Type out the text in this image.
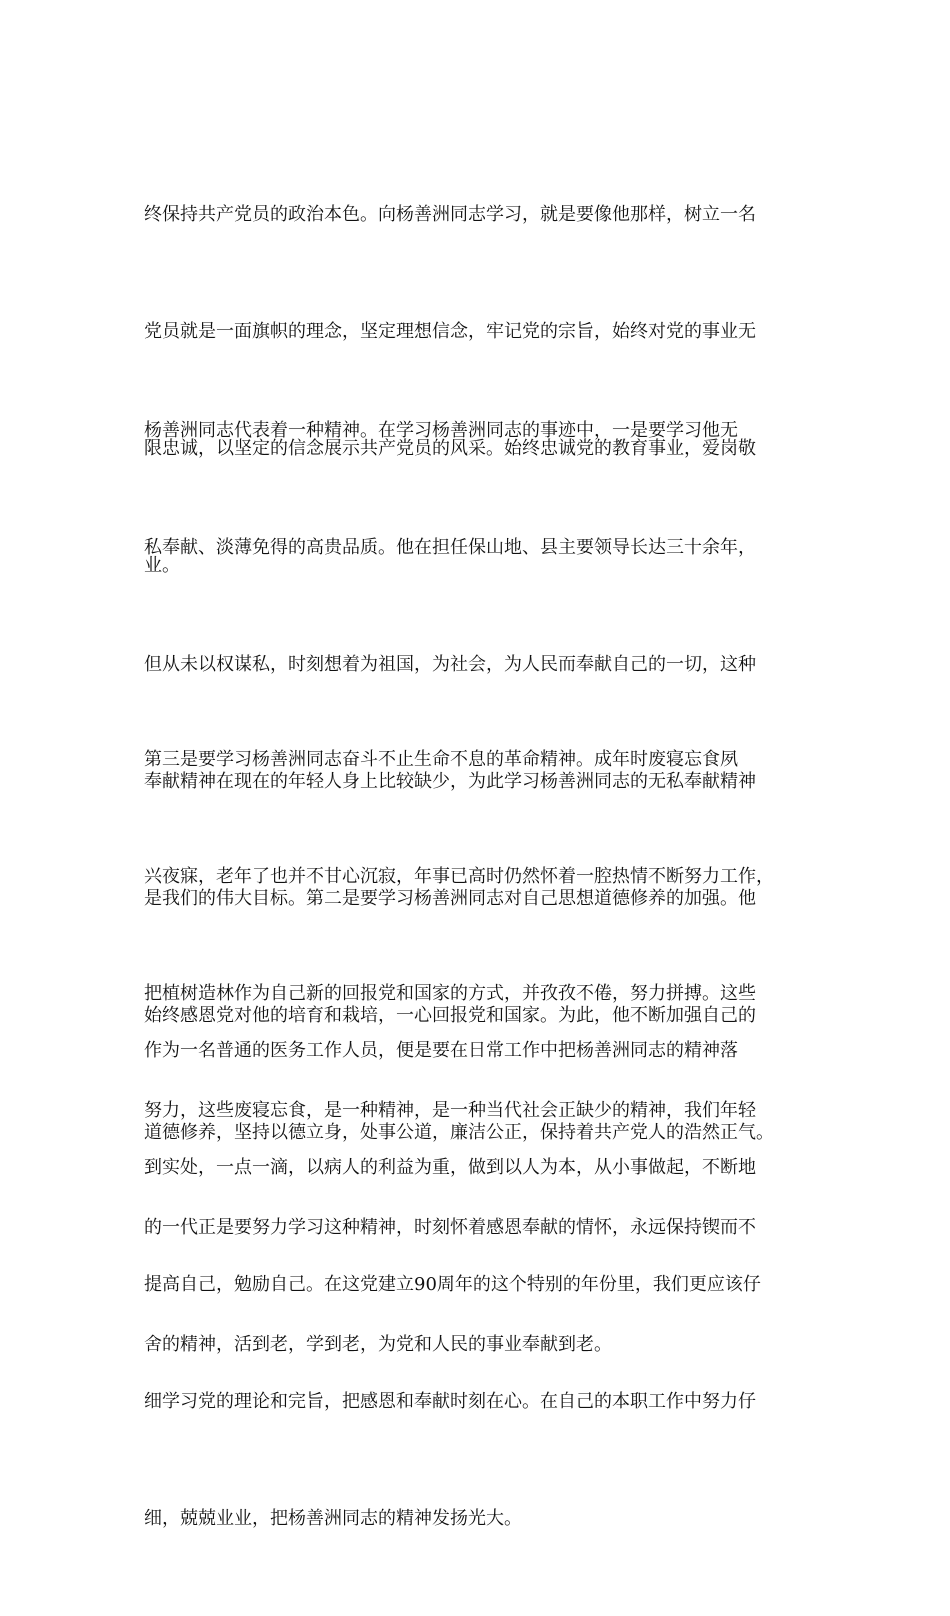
终保持共产党员的政治本色。向杨善洲同志学习，就是要像他那样，树立一名

党员就是一面旗帜的理念，坚定理想信念，牢记党的宗旨，始终对党的事业无

限忠诚，以坚定的信念展示共产党员的风采。始终忠诚党的教育事业，爱岗敬

业。

杨善洲同志代表着一种精神。在学习杨善洲同志的事迹中，一是要学习他无

私奉献、淡薄免得的高贵品质。他在担任保山地、县主要领导长达三十余年，

但从未以权谋私，时刻想着为祖国，为社会，为人民而奉献自己的一切，这种

奉献精神在现在的年轻人身上比较缺少，为此学习杨善洲同志的无私奉献精神

是我们的伟大目标。第二是要学习杨善洲同志对自己思想道德修养的加强。他

始终感恩党对他的培育和栽培，一心回报党和国家。为此，他不断加强自己的

道德修养，坚持以德立身，处事公道，廉洁公正，保持着共产党人的浩然正气。

第三是要学习杨善洲同志奋斗不止生命不息的革命精神。成年时废寝忘食夙

兴夜寐，老年了也并不甘心沉寂，年事已高时仍然怀着一腔热情不断努力工作，

把植树造林作为自己新的回报党和国家的方式，并孜孜不倦，努力拼搏。这些

努力，这些废寝忘食，是一种精神，是一种当代社会正缺少的精神，我们年轻

的一代正是要努力学习这种精神，时刻怀着感恩奉献的情怀，永远保持锲而不

舍的精神，活到老，学到老，为党和人民的事业奉献到老。

作为一名普通的医务工作人员，便是要在日常工作中把杨善洲同志的精神落

到实处，一点一滴，以病人的利益为重，做到以人为本，从小事做起，不断地

提高自己，勉励自己。在这党建立90周年的这个特别的年份里，我们更应该仔

细学习党的理论和完旨，把感恩和奉献时刻在心。在自己的本职工作中努力仔

细，兢兢业业，把杨善洲同志的精神发扬光大。
